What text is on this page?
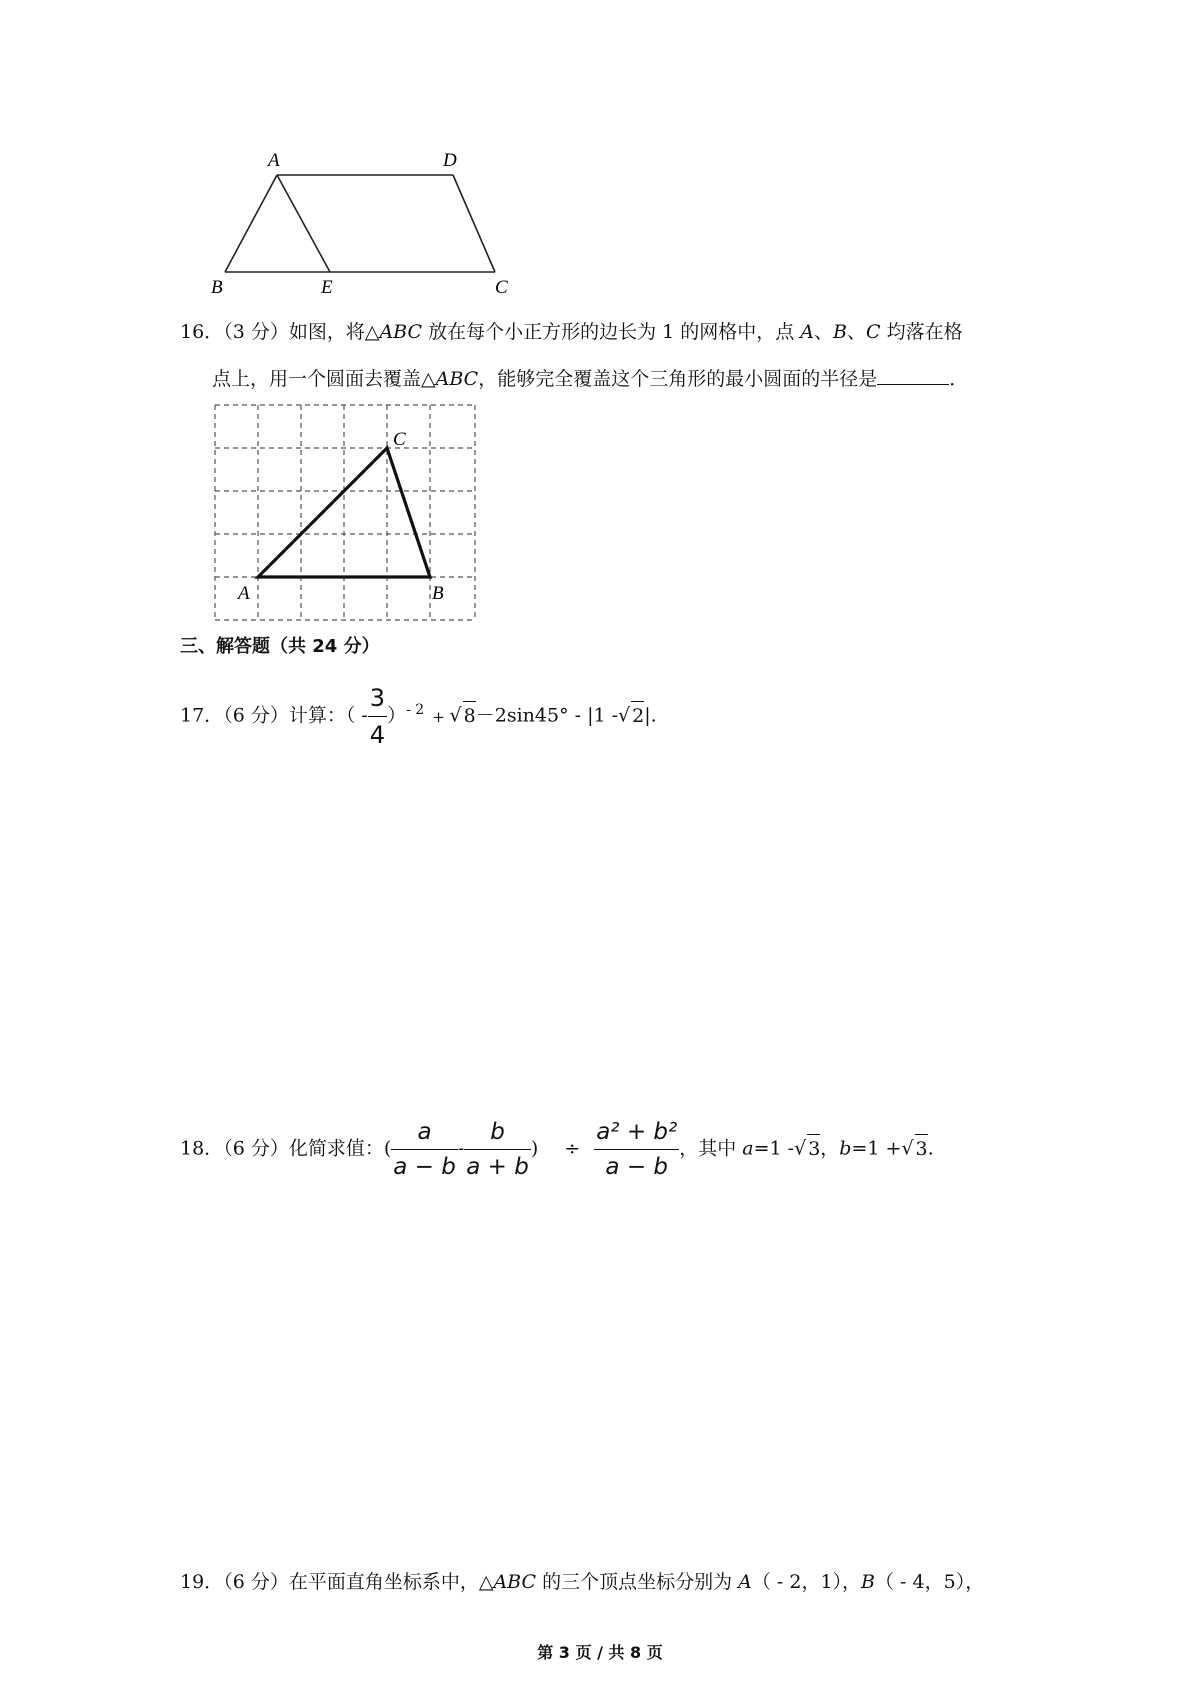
A	D
B	E	C
16．（3 分）如图，将△ABC 放在每个小正方形的边长为 1 的网格中，点 A、B、C 均落在格
点上，用一个圆面去覆盖△ABC，能够完全覆盖这个三角形的最小圆面的半径是	．
C
A	B
三、解答题（共 24 分）
17．（6 分）计算：（ - $\frac{3}{4} )^{- 2}$ + √ 8－2sin45° - |1 -√ 2|.
18．（6 分）化简求值：( $\frac{a}{a - b} - \frac{b}{a + b}$ ) ÷ $\frac{\text{a² + b²}}{a - b}$ ，其中 a=1 -√ 3，b=1 +√ 3.
19．（6 分）在平面直角坐标系中，△ABC 的三个顶点坐标分别为 A（ - 2，1），B（ - 4，5），
第 3 页 / 共 8 页
